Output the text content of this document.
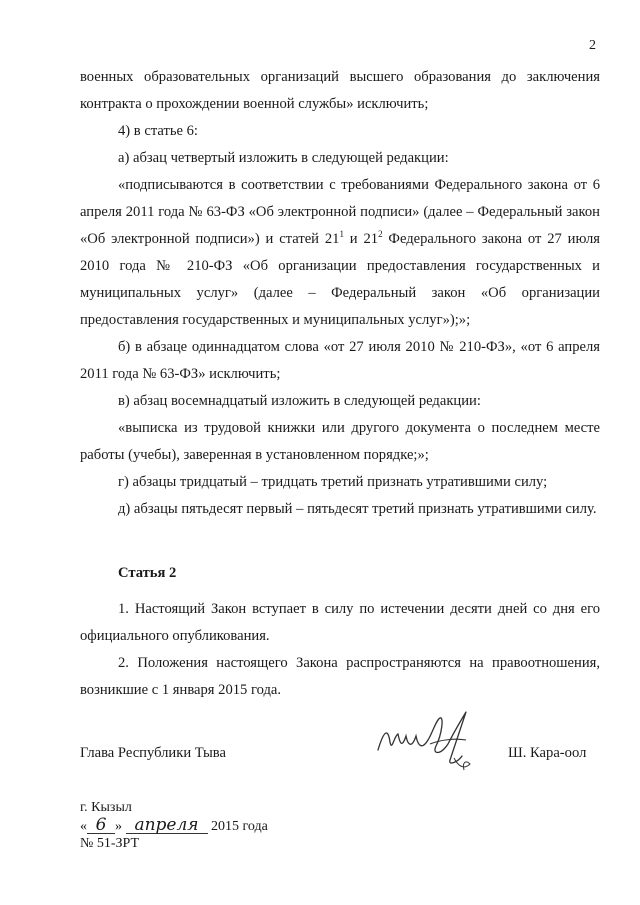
2

военных образовательных организаций высшего образования до заключения контракта о прохождении военной службы» исключить;

4) в статье 6:

а) абзац четвертый изложить в следующей редакции:

«подписываются в соответствии с требованиями Федерального закона от 6 апреля 2011 года № 63-ФЗ «Об электронной подписи» (далее – Федеральный закон «Об электронной подписи») и статей $21^1$ и $21^2$ Федерального закона от 27 июля 2010 года № 210-ФЗ «Об организации предоставления государственных и муниципальных услуг» (далее – Федеральный закон «Об организации предоставления государственных и муниципальных услуг»);»;

б) в абзаце одиннадцатом слова «от 27 июля 2010 № 210-ФЗ», «от 6 апреля 2011 года № 63-ФЗ» исключить;

в) абзац восемнадцатый изложить в следующей редакции:

«выписка из трудовой книжки или другого документа о последнем месте работы (учебы), заверенная в установленном порядке;»;

г) абзацы тридцатый – тридцать третий признать утратившими силу;

д) абзацы пятьдесят первый – пятьдесят третий признать утратившими силу.

Статья 2

1. Настоящий Закон вступает в силу по истечении десяти дней со дня его официального опубликования.

2. Положения настоящего Закона распространяются на правоотношения, возникшие с 1 января 2015 года.

Глава Республики Тыва	Ш. Кара-оол
г. Кызыл
« 6 » апреля 2015 года
№ 51-ЗРТ
